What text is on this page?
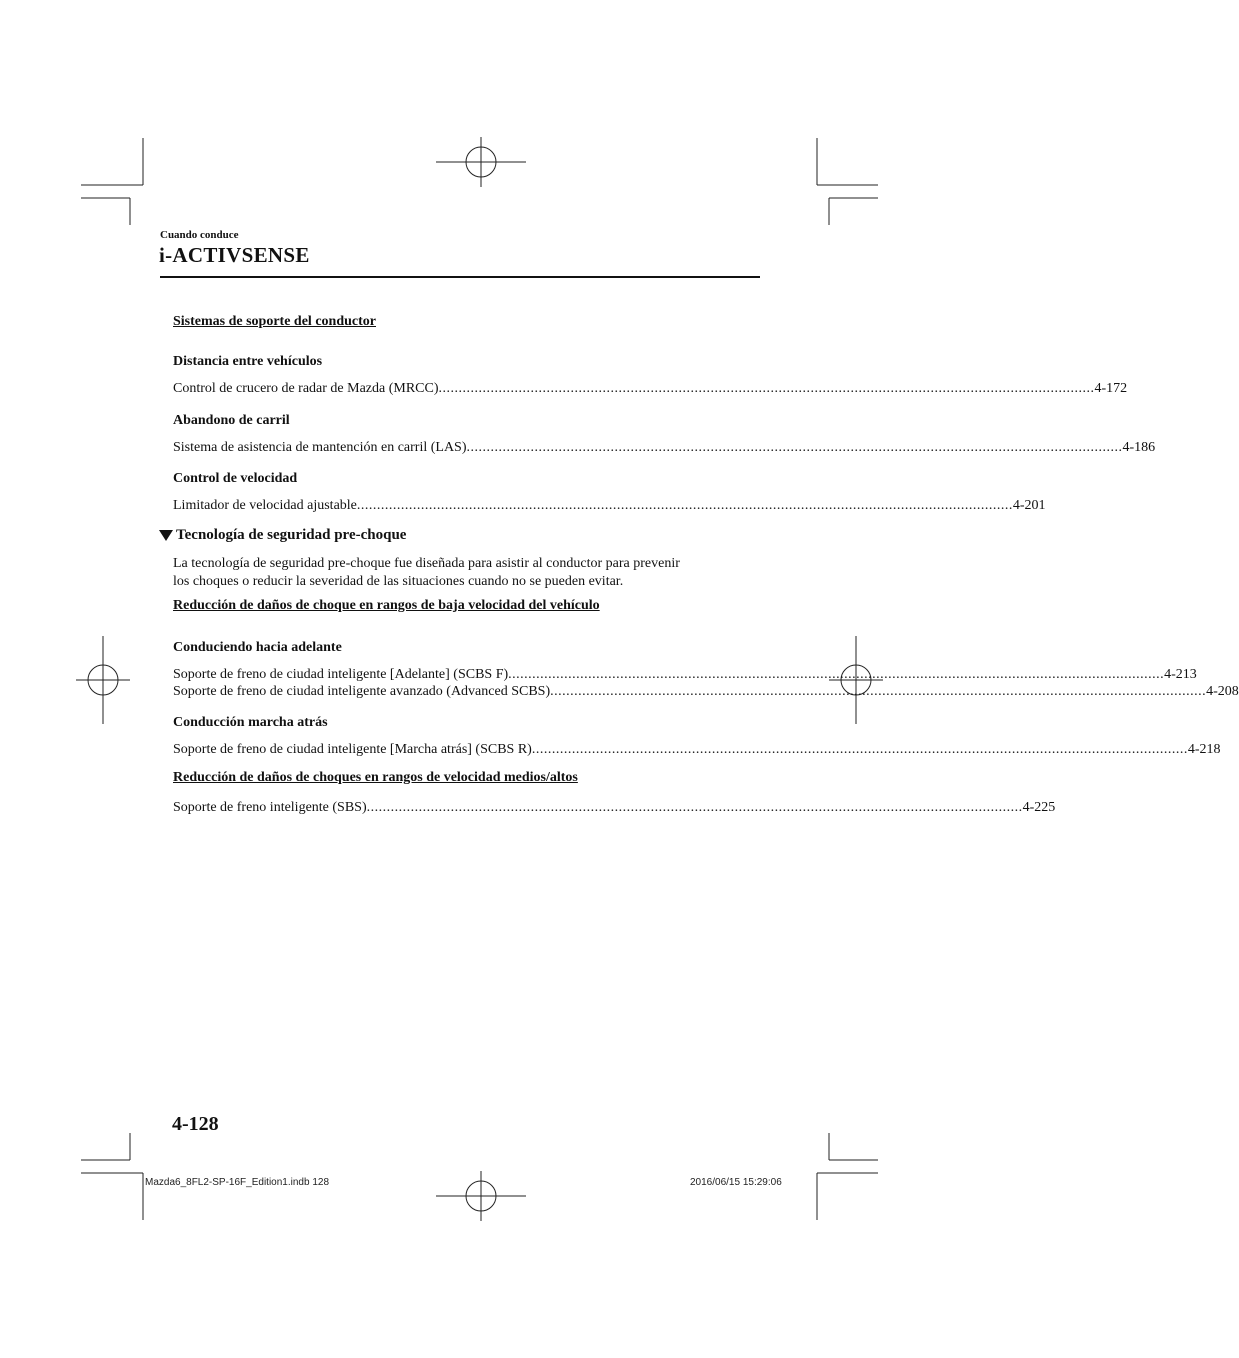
Cuando conduce
i-ACTIVSENSE
Sistemas de soporte del conductor
Distancia entre vehículos
Control de crucero de radar de Mazda (MRCC) .................................................................................................................................................................... 4-172
Abandono de carril
Sistema de asistencia de mantención en carril (LAS) .................................................................................................................................................................... 4-186
Control de velocidad
Limitador de velocidad ajustable .................................................................................................................................................................... 4-201
Tecnología de seguridad pre-choque
La tecnología de seguridad pre-choque fue diseñada para asistir al conductor para prevenir
los choques o reducir la severidad de las situaciones cuando no se pueden evitar.
Reducción de daños de choque en rangos de baja velocidad del vehículo
Conduciendo hacia adelante
Soporte de freno de ciudad inteligente [Adelante] (SCBS F) .................................................................................................................................................................... 4-213
Soporte de freno de ciudad inteligente avanzado (Advanced SCBS) .................................................................................................................................................................... 4-208
Conducción marcha atrás
Soporte de freno de ciudad inteligente [Marcha atrás] (SCBS R) .................................................................................................................................................................... 4-218
Reducción de daños de choques en rangos de velocidad medios/altos
Soporte de freno inteligente (SBS) .................................................................................................................................................................... 4-225
4-128
Mazda6_8FL2-SP-16F_Edition1.indb 128	2016/06/15 15:29:06
